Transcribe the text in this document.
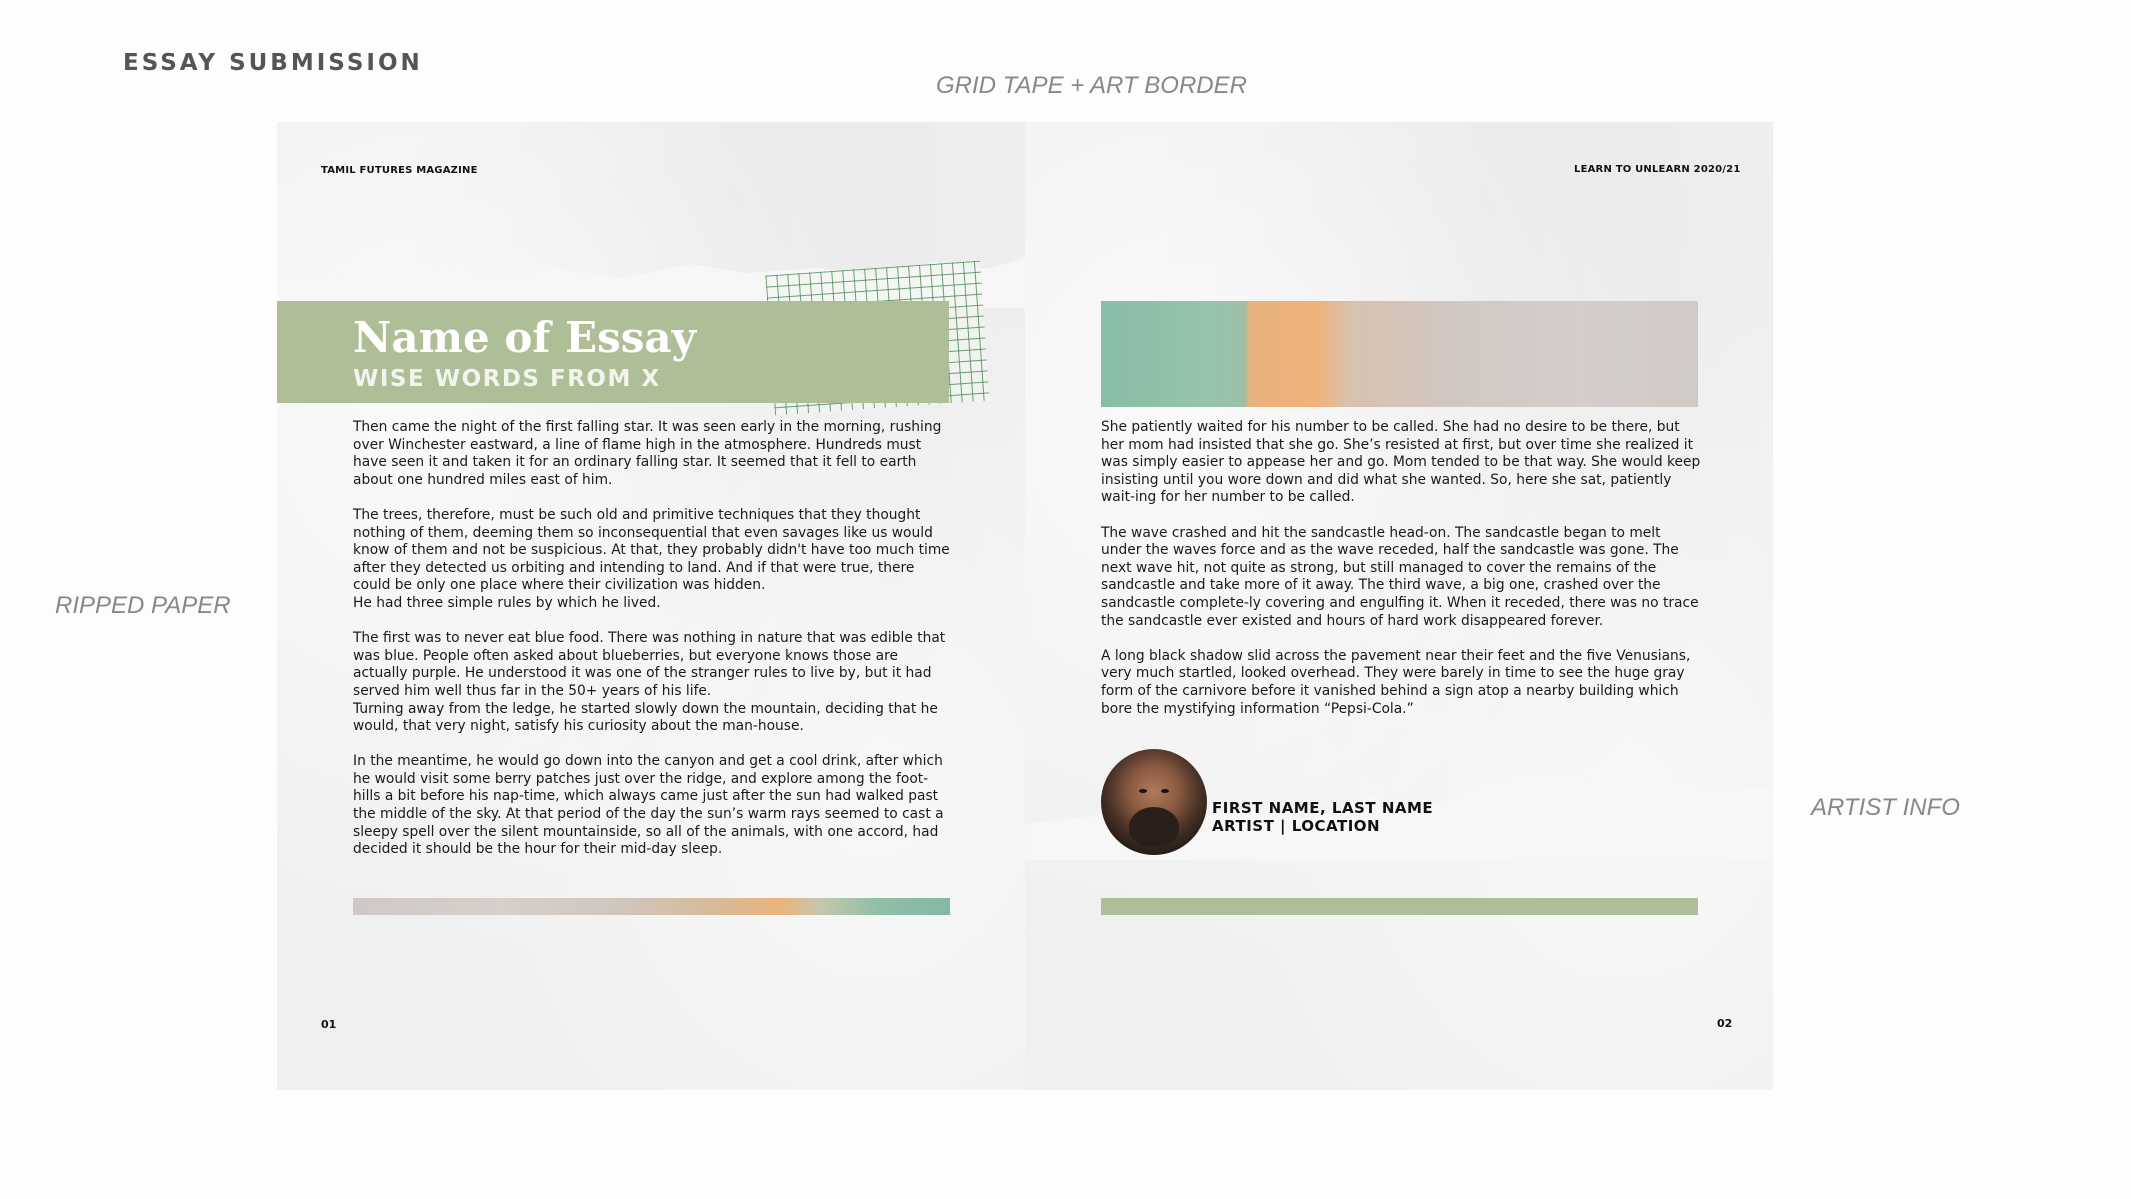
ESSAY SUBMISSION
GRID TAPE + ART BORDER
RIPPED PAPER
ARTIST INFO
TAMIL FUTURES MAGAZINE
Name of Essay
WISE WORDS FROM X

Then came the night of the first falling star. It was seen early in the morning, rushing over Winchester eastward, a line of flame high in the atmosphere. Hundreds must have seen it and taken it for an ordinary falling star. It seemed that it fell to earth about one hundred miles east of him.

The trees, therefore, must be such old and primitive techniques that they thought nothing of them, deeming them so inconsequential that even savages like us would know of them and not be suspicious. At that, they probably didn't have too much time after they detected us orbiting and intending to land. And if that were true, there could be only one place where their civilization was hidden.
He had three simple rules by which he lived.

The first was to never eat blue food. There was nothing in nature that was edible that was blue. People often asked about blueberries, but everyone knows those are actually purple. He understood it was one of the stranger rules to live by, but it had served him well thus far in the 50+ years of his life.
Turning away from the ledge, he started slowly down the mountain, deciding that he would, that very night, satisfy his curiosity about the man-house.

In the meantime, he would go down into the canyon and get a cool drink, after which he would visit some berry patches just over the ridge, and explore among the foot-hills a bit before his nap-time, which always came just after the sun had walked past the middle of the sky. At that period of the day the sun’s warm rays seemed to cast a sleepy spell over the silent mountainside, so all of the animals, with one accord, had decided it should be the hour for their mid-day sleep.

01
LEARN TO UNLEARN 2020/21

She patiently waited for his number to be called. She had no desire to be there, but her mom had insisted that she go. She’s resisted at first, but over time she realized it was simply easier to appease her and go. Mom tended to be that way. She would keep insisting until you wore down and did what she wanted. So, here she sat, patiently wait-ing for her number to be called.

The wave crashed and hit the sandcastle head-on. The sandcastle began to melt under the waves force and as the wave receded, half the sandcastle was gone. The next wave hit, not quite as strong, but still managed to cover the remains of the sandcastle and take more of it away. The third wave, a big one, crashed over the sandcastle complete-ly covering and engulfing it. When it receded, there was no trace the sandcastle ever existed and hours of hard work disappeared forever.

A long black shadow slid across the pavement near their feet and the five Venusians, very much startled, looked overhead. They were barely in time to see the huge gray form of the carnivore before it vanished behind a sign atop a nearby building which bore the mystifying information “Pepsi-Cola.”

FIRST NAME, LAST NAME
ARTIST | LOCATION
02
